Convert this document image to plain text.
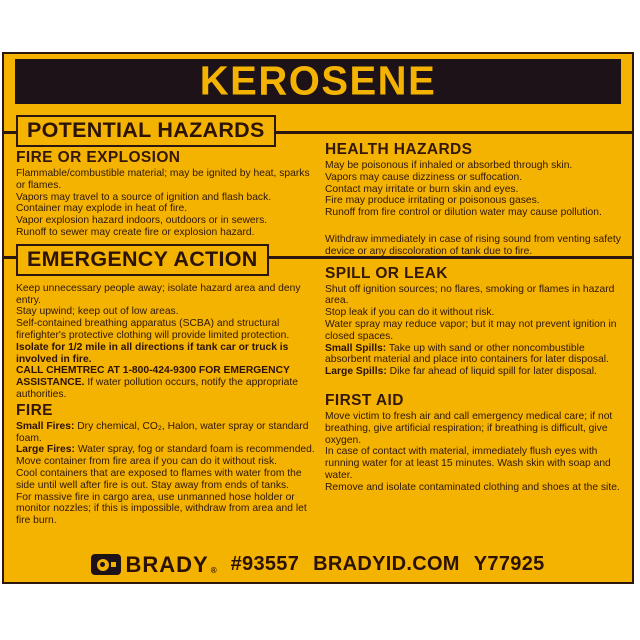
KEROSENE
POTENTIAL HAZARDS
FIRE OR EXPLOSION

Flammable/combustible material; may be ignited by heat, sparks or flames.

Vapors may travel to a source of ignition and flash back.

Container may explode in heat of fire.

Vapor explosion hazard indoors, outdoors or in sewers.

Runoff to sewer may create fire or explosion hazard.

EMERGENCY ACTION

Keep unnecessary people away; isolate hazard area and deny entry.

Stay upwind; keep out of low areas.

Self-contained breathing apparatus (SCBA) and structural firefighter's protective clothing will provide limited protection.

Isolate for 1/2 mile in all directions if tank car or truck is involved in fire.

CALL CHEMTREC AT 1-800-424-9300 FOR EMERGENCY ASSISTANCE. If water pollution occurs, notify the appropriate authorities.

FIRE

Small Fires: Dry chemical, CO₂, Halon, water spray or standard foam.

Large Fires: Water spray, fog or standard foam is recommended.

Move container from fire area if you can do it without risk.

Cool containers that are exposed to flames with water from the side until well after fire is out. Stay away from ends of tanks.

For massive fire in cargo area, use unmanned hose holder or monitor nozzles; if this is impossible, withdraw from area and let fire burn.

HEALTH HAZARDS

May be poisonous if inhaled or absorbed through skin.

Vapors may cause dizziness or suffocation.

Contact may irritate or burn skin and eyes.

Fire may produce irritating or poisonous gases.

Runoff from fire control or dilution water may cause pollution.

Withdraw immediately in case of rising sound from venting safety device or any discoloration of tank due to fire.

SPILL OR LEAK

Shut off ignition sources; no flares, smoking or flames in hazard area.

Stop leak if you can do it without risk.

Water spray may reduce vapor; but it may not prevent ignition in closed spaces.

Small Spills: Take up with sand or other noncombustible absorbent material and place into containers for later disposal.

Large Spills: Dike far ahead of liquid spill for later disposal.

FIRST AID

Move victim to fresh air and call emergency medical care; if not breathing, give artificial respiration; if breathing is difficult, give oxygen.

In case of contact with material, immediately flush eyes with running water for at least 15 minutes. Wash skin with soap and water.

Remove and isolate contaminated clothing and shoes at the site.

BRADY ® #93557 BRADYID.COM Y77925
